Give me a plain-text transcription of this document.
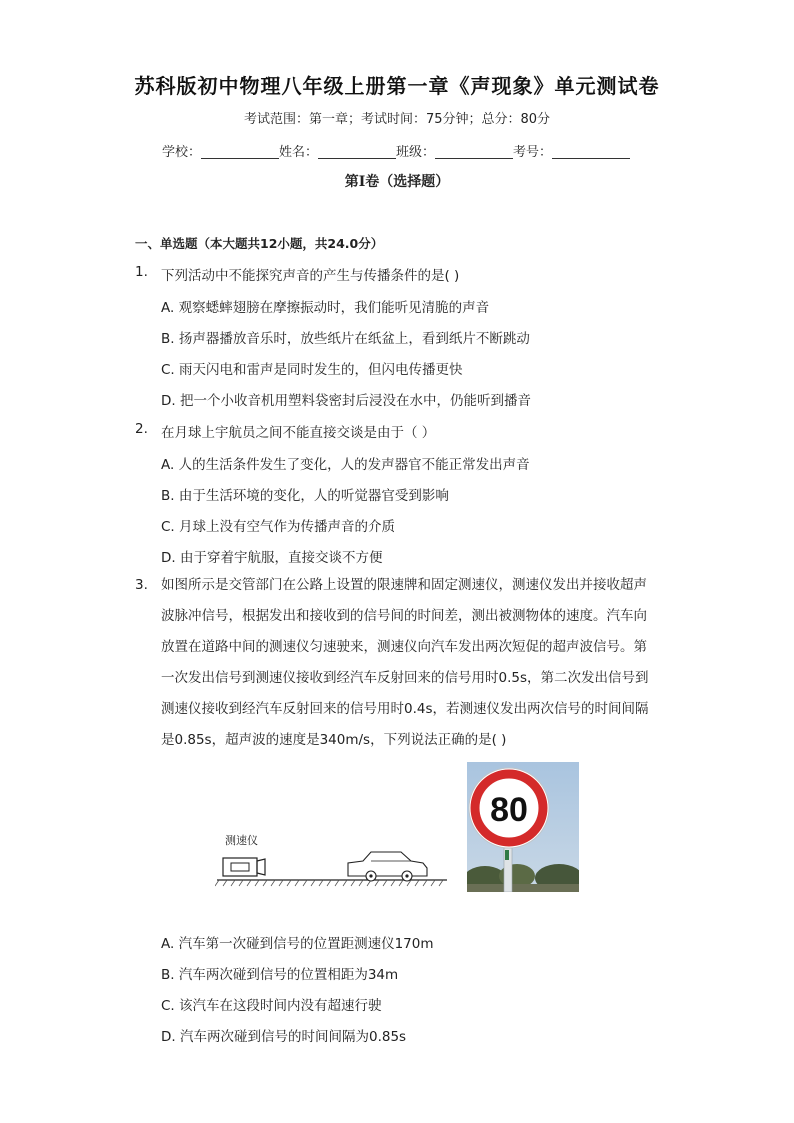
苏科版初中物理八年级上册第一章《声现象》单元测试卷
考试范围：第一章；考试时间：75分钟；总分：80分
学校：	姓名：	班级：	考号：
第I卷（选择题）
一、单选题（本大题共12小题，共24.0分）
1. 下列活动中不能探究声音的产生与传播条件的是( )
A. 观察蟋蟀翅膀在摩擦振动时，我们能听见清脆的声音
B. 扬声器播放音乐时，放些纸片在纸盆上，看到纸片不断跳动
C. 雨天闪电和雷声是同时发生的，但闪电传播更快
D. 把一个小收音机用塑料袋密封后浸没在水中，仍能听到播音
2. 在月球上宇航员之间不能直接交谈是由于（ ）
A. 人的生活条件发生了变化，人的发声器官不能正常发出声音
B. 由于生活环境的变化，人的听觉器官受到影响
C. 月球上没有空气作为传播声音的介质
D. 由于穿着宇航服，直接交谈不方便
3. 如图所示是交管部门在公路上设置的限速牌和固定测速仪，测速仪发出并接收超声
波脉冲信号，根据发出和接收到的信号间的时间差，测出被测物体的速度。汽车向
放置在道路中间的测速仪匀速驶来，测速仪向汽车发出两次短促的超声波信号。第
一次发出信号到测速仪接收到经汽车反射回来的信号用时0.5s，第二次发出信号到
测速仪接收到经汽车反射回来的信号用时0.4s，若测速仪发出两次信号的时间间隔
是0.85s，超声波的速度是340m/s，下列说法正确的是( )
测速仪
80
A. 汽车第一次碰到信号的位置距测速仪170m
B. 汽车两次碰到信号的位置相距为34m
C. 该汽车在这段时间内没有超速行驶
D. 汽车两次碰到信号的时间间隔为0.85s
